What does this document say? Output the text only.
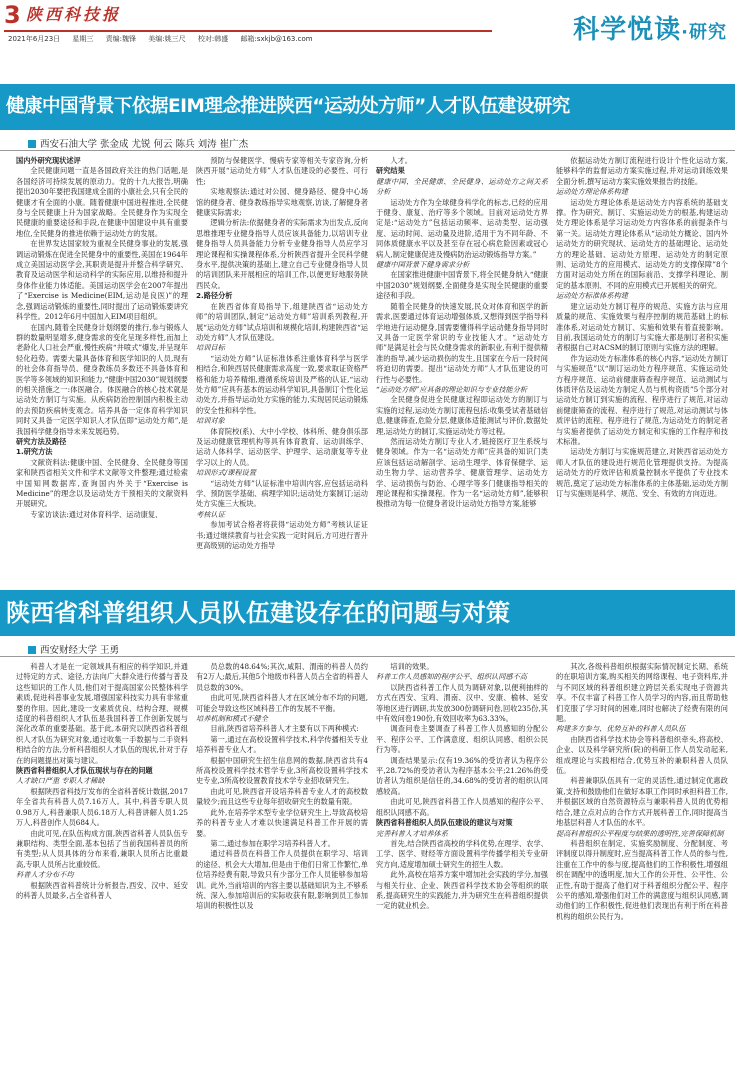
3 陕西科技报
2021年6月23日 星期三 责编:魏锋 美编:姚三尺 校对:韩盛 邮箱:sxkjb@163.com	科学悦读·研究
健康中国背景下依据EIM理念推进陕西“运动处方师”人才队伍建设研究
西安石油大学 张金成 尤锐 何云 陈兵 刘涛 崔广杰

国内外研究现状述评

全民健康问题一直是各国政府关注的热门话题,是各国经济可持续发展的原动力。党的十九大报告,明确提出2030年要把我国建成全面的小康社会,只有全民的健康才有全面的小康。随着健康中国进程推进,全民健身与全民健康上升为国家战略。全民健身作为实现全民健康的重要途径和手段,在健康中国建设中具有重要地位,全民健身的推进依赖于运动处方的发展。

在世界发达国家较为重视全民健身事业的发展,强调运动锻炼在促进全民健身中的重要性,美国在1964年成立美国运动医学会,其职责是提升并整合科学研究、教育及运动医学和运动科学的实际应用,以维持和提升身体作业能力体适能。美国运动医学会在2007年提出了“Exercise is Medicine(EIM,运动是良医)”的理念,强调运动锻炼的重要性,同时提出了运动锻炼要讲究科学性。2012年6月中国加入EIM项目组织。

在国内,随着全民健身计划纲要的推行,参与锻炼人群的数量明显增多,健身需求的变化呈现多样性,而加上老龄化人口社会严重,慢性疾病“井喷式”爆发,并呈现年轻化趋势。需要大量具备体育和医学知识的人员,现有的社会体育指导员、健身教练员多数还不具备体育和医学等多领域的知识和能力,“健康中国2030”规划纲要的相关措施之一:体医融合。体医融合的核心技术就是运动处方制订与实施。从疾病防治控制国内积极主动的去预防疾病转变观念。培养具备一定体育科学知识同时又具备一定医学知识人才队伍即“运动处方师”,是我国科学健身指导未来发展趋势。

研究方法及路径

1.研究方法

文献资料法:健康中国、全民健身、全民健身等国家和陕西省相关文件和学术文献等文件整理;通过检索中国知网数据库,查询国内外关于“Exercise is Medicine”的理念以及运动处方干预相关的文献资料开展研究。

专家访谈法:通过对体育科学、运动康复、

预防与保健医学、慢病专家等相关专家咨询,分析陕西开展“运动处方师”人才队伍建设的必要性、可行性;

实地观察法:通过对公园、健身路径、健身中心场馆的健身者、健身教练指导实地观察,访谈,了解健身者健康实际需求;

逻辑分析法:依据健身者的实际需求为出发点,反向思维推理专业健身指导人员应该具备能力,以培训专业健身指导人员具备能力分析专业健身指导人员应学习理论课程和实操课程体系,分析陕西省提升全民科学健身水平,提供决策的基础上,建立自己专业健身指导人员的培训团队来开展相应的培训工作,以便更好地服务陕西民众。

2.路径分析

在陕西省体育局指导下,组建陕西省“运动处方师”的培训团队,制定“运动处方师”培训系列教程,开展“运动处方师”试点培训和规模化培训,构建陕西省“运动处方师”人才队伍建设。

培训目标

“运动处方师”认证标准体系注重体育科学与医学相结合,和陕西居民健康需求高度一致,要求取证资格严格和能力培养精细,遵循系统培训及严格的认证,“运动处方师”应具有基本的运动科学知识,具备制订个性化运动处方,并指导运动处方实施的能力,实现居民运动锻炼的安全性和科学性。

培训对象

体育院校(系)、大中小学校、体科所、健身俱乐部及运动健康管理机构等具有体育教育、运动训练学、运动人体科学、运动医学、护理学、运动康复等专业学习以上的人员。

培训形式/课程设置

“运动处方师”认证标准中培训内容,应包括运动科学、预防医学基础、病理学知识;运动处方案制订;运动处方实施三大板块。

考核认证

参加考试合格者将获得“运动处方师”考核认证证书;通过继续教育与社会实践一定时间后,方可进行晋升更高级别的运动处方指导

人才。

研究结果

健康中国、全民健康、全民健身、运动处方之间关系分析

运动处方作为全球健身科学化的标志,已经的应用于健身、康复、治疗等多个领域。目前对运动处方界定是:“运动处方”包括运动频率、运动类型、运动强度、运动时间、运动量及进阶,适用于为不同年龄、不同体质健康水平以及甚至存在冠心病危险因素或冠心病人,制定健康促进及慢病防治运动锻炼指导方案。”

健康中国背景下健身需求分析

在国家推进健康中国背景下,将全民健身纳入“健康中国2030”规划纲要,全面健身是实现全民健康的重要途径和手段。

随着全民健身的快速发展,民众对体育和医学的新需求,医要通过体育运动增强体质,又想得到医学指导科学地进行运动健身,国需要懂得科学运动健身指导同时又具备一定医学常识的专业技能人才。“运动处方师”是满足社会与民众健身需求的新职业,有利于提供精准的指导,减少运动损伤的发生,且国家在今后一段时间将迫切的需要。提出“运动处方师”人才队伍建设的可行性与必要性。

“运动处方师”应具备的理论知识与专业技能分析

全民健身促进全民健康过程即运动处方的制订与实施的过程,运动处方制订流程包括:收集受试者基础信息,健康筛查,危险分层,健康体适能测试与评价,数据处理,运动处方的制订,实施运动处方等过程。

然而运动处方制订专业人才,链接医疗卫生系统与健身领域。作为一名“运动处方师”应具备的知识门类应该包括运动解剖学、运动生理学、体育保健学、运动生物力学、运动营养学、健康管理学、运动处方学、运动损伤与防治、心理学等多门健康指导相关的理论课程和实操课程。作为一名“运动处方师”,能够积极推动为每一位健身者设计运动处方指导方案,能够

依据运动处方制订流程进行设计个性化运动方案,能够科学的监督运动方案实施过程,并对运动训练效果全面分析,撰写运动方案实施效果报告的技能。

运动处方理论体系构建

运动处方理论体系是运动处方内容系统的基础支撑。作为研究、制订、实施运动处方的根基,构建运动处方理论体系是学习运动处方内容体系的前提条件与第一关。运动处方理论体系从“运动处方概论、国内外运动处方的研究现状、运动处方的基础理论、运动处方的理论基础、运动处方原理、运动处方的制定原则、运动处方的应用模式、运动处方的支撑保障”8个方面对运动处方所在的国际前沿、支撑学科理论、制定的基本原则、不同的应用模式已开展相关的研究。

运动处方标准体系构建

建立运动处方制订程序的规范、实施方法与应用质量的规范、实施效果与程序控制的规范基础上的标准体系,对运动处方制订、实施和效果有着直接影响。目前,我国运动处方的制订与实施大都是制订者积实施者根据自己对ACSM的制订原则与实施方法的理解。

作为运动处方标准体系的核心内容,“运动处方制订与实施规范”以“制订运动处方程序规范、实施运动处方程序规范、运动前健康筛查程序规范、运动测试与体质评估及运动处方制定人员与机构资质”5个部分对运动处方制订到实施的流程、程序进行了规范,对运动前健康筛查的流程、程序进行了规范,对运动测试与体质评估的流程、程序进行了规范,为运动处方的制定者与实施者提供了运动处方制定和实施的工作程序和技术标准。

运动处方制订与实施规范建立,对陕西省运动处方师人才队伍的建设进行规范化管理提供支持。为提高运动处方的疗效评估和质量控制水平提供了专业技术规范,奠定了运动处方标准体系的主体基础,运动处方制订与实施则是科学、规范、安全、有效的方向迈进。

陕西省科普组织人员队伍建设存在的问题与对策
西安财经大学 王勇

科普人才是在一定领域具有相应的科学知识,并通过特定的方式、途径,方法向广大群众进行传播与普及这些知识的工作人员,他们对于提高国家公民整体科学素质,促进科普事业发展,增强国家科技实力具有非常重要的作用。因此,建设一支素质优良、结构合理、规模适度的科普组织人才队伍是我国科普工作创新发展与深化改革的重要基础。基于此,本研究以陕西省科普组织人才队伍为研究对象,通过收集一手数据与二手资料相结合的方法,分析科普组织人才队伍的现状,针对于存在的问题提出对策与建议。

陕西省科普组织人才队伍现状与存在的问题

人才缺口严重 专职人才稀缺

根据陕西省科技厅发布的全省科普统计数据,2017年全省共有科普人员7.16万人。其中,科普专职人员0.98万人,科普兼职人员6.18万人,科普讲解人员1.25万人,科普创作人员684人。

由此可见,在队伍构成方面,陕西省科普人员队伍专兼职结构、类型全面,基本包括了当前我国科普员的所有类型;从人员具体的分布来看,兼职人员所占比重最高,专职人员所占比重较低。

科普人才分布不均

根据陕西省科普统计分析报告,西安、汉中、延安的科普人员最多,占全省科普人

员总数的48.64%;其次,咸阳、渭南的科普人员约有2万人;最后,其他5个地级市科普人员占全省的科普人员总数的30%。

由此可见,陕西省科普人才在区域分布不均的问题,可能会导致这些区域科普工作的发展不平衡。

培养机制和模式不健全

目前,陕西省培养科普人才主要有以下两种模式:

第一,通过在高校设置科学技术,科学传播相关专业培养科普专业人才。

根据中国研究生招生信息网的数据,陕西省共有4所高校设置科学技术哲学专业,3所高校设置科学技术史专业,3所高校设置教育技术学专业招收研究生。

由此可见,陕西省开设培养科普专业人才的高校数量较少;而且这些专业每年招收研究生的数量有限。

此外,在培养学术型专业学位研究生上,导致高校培养的科普专业人才难以快速满足科普工作开展的需要。

第二,通过参加在职学习培养科普人才。

通过科普员在科普工作人员提供在职学习、培训的途径、机会大大增加,但是由于他们日常工作繁忙,单位培养经费有限,导致只有少部分工作人员能够参加培训。此外,当前培训的内容主要以基础知识为主,不够系统、深入,参加培训后的实际收获有限,影响到员工参加培训的积极性以及

培训的效果。

科普工作人员感知的程序公平、组织认同感不高

以陕西省科普工作人员为调研对象,以便利抽样的方式在西安、宝鸡、渭南、汉中、安康、榆林、延安等地区进行调研,共发放300份调研问卷,回收235份,其中有效问卷190份,有效回收率为63.33%。

调查问卷主要调查了科普工作人员感知的分配公平、程序公平、工作满意度、组织认同感、组织公民行为等。

调查结果显示:仅有19.36%的受访者认为程序公平,28.72%的受访者认为程序基本公平;21.26%的受访者认为组织是信任的,34.68%的受访者的组织认同感较高。

由此可见,陕西省科普工作人员感知的程序公平、组织认同感不高。

陕西省科普组织人员队伍建设的建议与对策

完善科普人才培养体系

首先,结合陕西省高校的学科优势,在理学、农学、工学、医学、财经等方面设置科学传播学相关专业研究方向,适度增加硕士研究生的招生人数。

此外,高校在培养方案中增加社会实践的学分,加强与相关行业、企业、陕西省科学技术协会等组织的联系,提高研究生的实践能力,并为研究生在科普组织提供一定的就业机会。

其次,各级科普组织根据实际情况制定长期、系统的在职培训方案,购买相关的网络课程、电子资料库,并与不同区域的科普组织建立跨层关系实现电子资源共享。不仅丰富了科普工作人员学习的内容,而且帮助他们克服了学习时间的困难,同时也解决了经费有限的问题。

构建多方参与、优势互补的科普人员队伍

由陕西省科学技术协会等科普组织牵头,将高校、企业、以及科学研究所(院)的科研工作人员发动起来,组成理论与实践相结合,优势互补的兼职科普人员队伍。

科普兼职队伍具有一定的灵活性,通过制定优惠政策,支持和鼓励他们在做好本职工作同时承担科普工作,并根据区域的自然资源特点与兼职科普人员的优势相结合,建立点对点的合作方式开展科普工作,同时提高当地基层科普人才队伍的水平。

提高科普组织公平程度与结果的透明性,完善保障机制

科普组织在制定、实施奖励制度、分配制度、考评制度以得升制度时,应当提高科普工作人员的参与性,注重在工作中的参与度,提高他们的工作积极性,增强组织在调配中的透明度,加大工作的公开性、公平性、公正性,有助于提高了他们对于科普组织分配公平、程序公平的感知,增强他们对工作的满意度与组织认同感,调动他们的工作积极性,促进他们表现出有利于所在科普机构的组织公民行为。
